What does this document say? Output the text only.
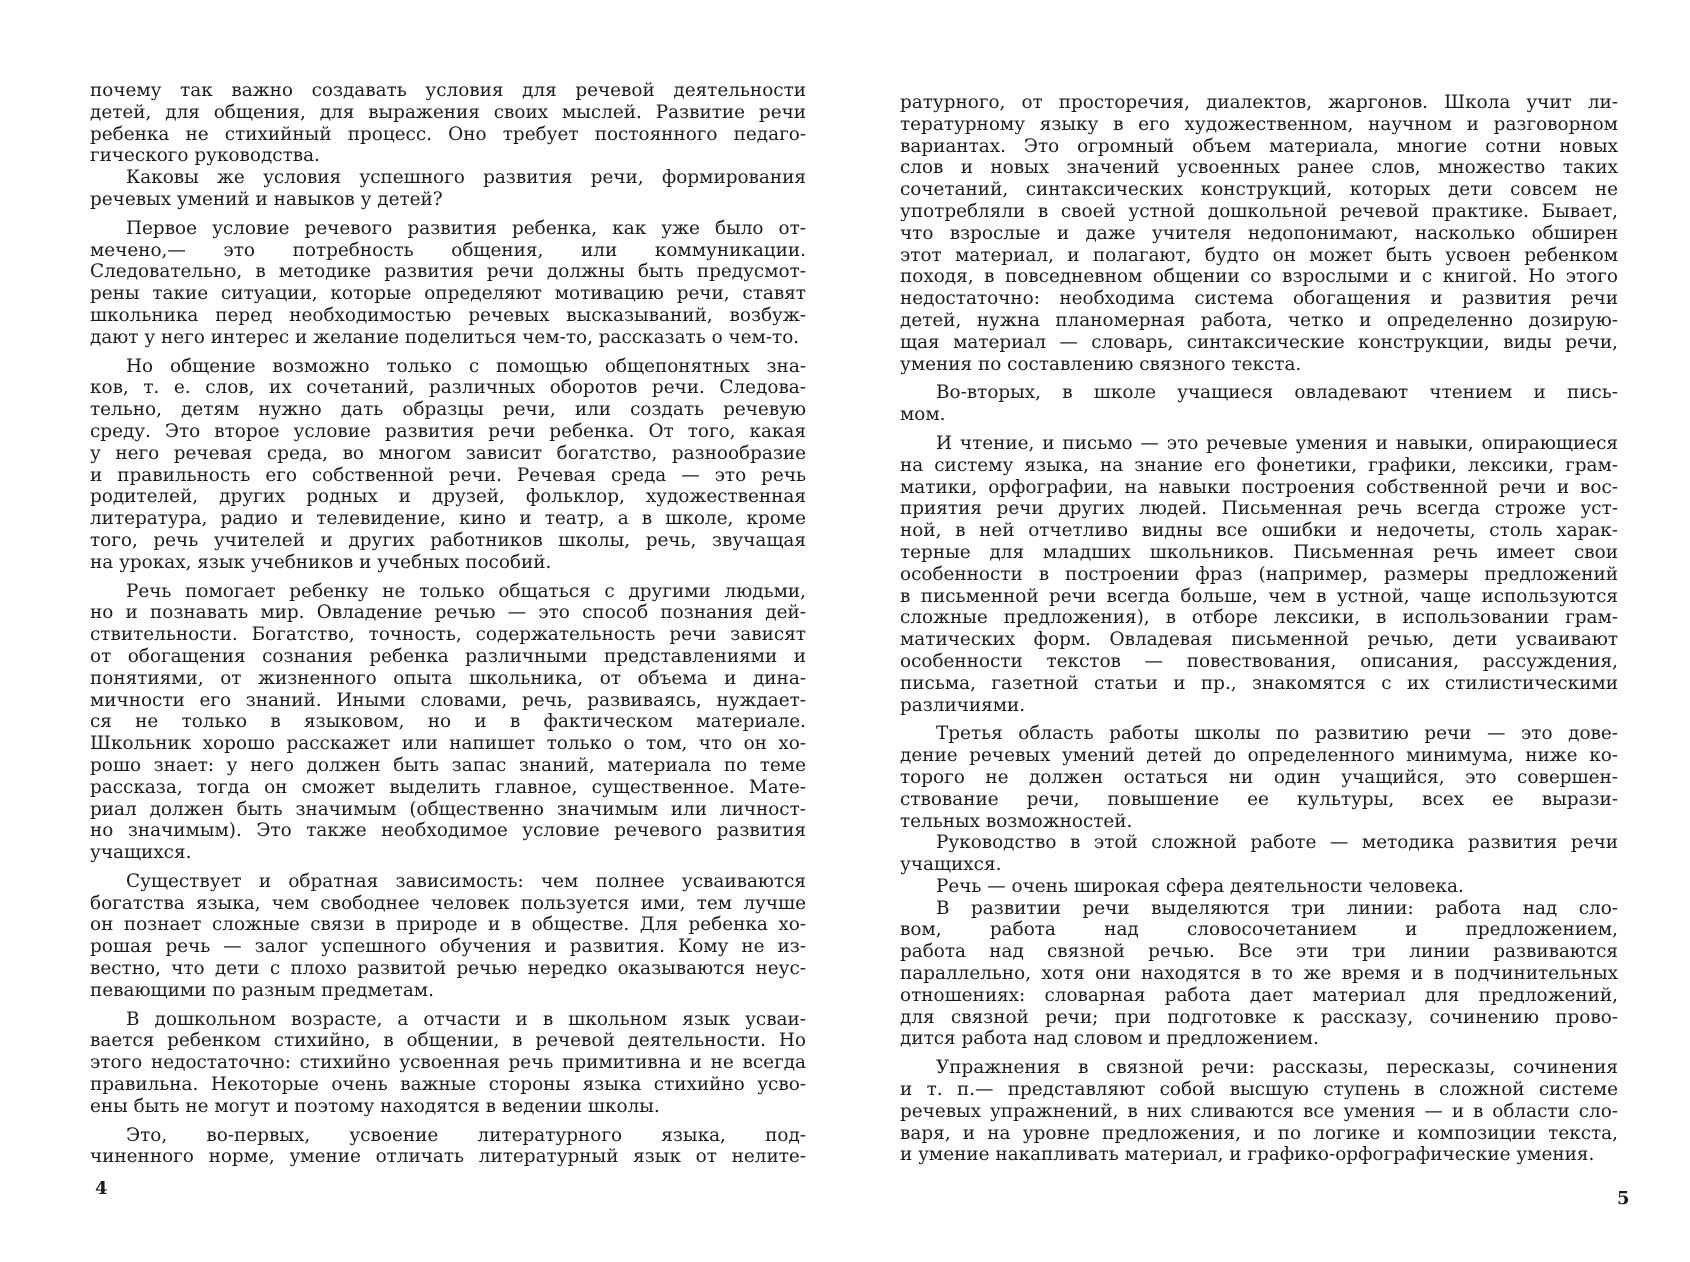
почему так важно создавать условия для речевой деятельности
детей, для общения, для выражения своих мыслей. Развитие речи
ребенка не стихийный процесс. Оно требует постоянного педаго-
гического руководства.
Каковы же условия успешного развития речи, формирования
речевых умений и навыков у детей?
Первое условие речевого развития ребенка, как уже было от-
мечено,— это потребность общения, или коммуникации.
Следовательно, в методике развития речи должны быть предусмот-
рены такие ситуации, которые определяют мотивацию речи, ставят
школьника перед необходимостью речевых высказываний, возбуж-
дают у него интерес и желание поделиться чем-то, рассказать о чем-то.
Но общение возможно только с помощью общепонятных зна-
ков, т. е. слов, их сочетаний, различных оборотов речи. Следова-
тельно, детям нужно дать образцы речи, или создать речевую
среду. Это второе условие развития речи ребенка. От того, какая
у него речевая среда, во многом зависит богатство, разнообразие
и правильность его собственной речи. Речевая среда — это речь
родителей, других родных и друзей, фольклор, художественная
литература, радио и телевидение, кино и театр, а в школе, кроме
того, речь учителей и других работников школы, речь, звучащая
на уроках, язык учебников и учебных пособий.
Речь помогает ребенку не только общаться с другими людьми,
но и познавать мир. Овладение речью — это способ познания дей-
ствительности. Богатство, точность, содержательность речи зависят
от обогащения сознания ребенка различными представлениями и
понятиями, от жизненного опыта школьника, от объема и дина-
мичности его знаний. Иными словами, речь, развиваясь, нуждает-
ся не только в языковом, но и в фактическом материале.
Школьник хорошо расскажет или напишет только о том, что он хо-
рошо знает: у него должен быть запас знаний, материала по теме
рассказа, тогда он сможет выделить главное, существенное. Мате-
риал должен быть значимым (общественно значимым или личност-
но значимым). Это также необходимое условие речевого развития
учащихся.
Существует и обратная зависимость: чем полнее усваиваются
богатства языка, чем свободнее человек пользуется ими, тем лучше
он познает сложные связи в природе и в обществе. Для ребенка хо-
рошая речь — залог успешного обучения и развития. Кому не из-
вестно, что дети с плохо развитой речью нередко оказываются неус-
певающими по разным предметам.
В дошкольном возрасте, а отчасти и в школьном язык усваи-
вается ребенком стихийно, в общении, в речевой деятельности. Но
этого недостаточно: стихийно усвоенная речь примитивна и не всегда
правильна. Некоторые очень важные стороны языка стихийно усво-
ены быть не могут и поэтому находятся в ведении школы.
Это, во-первых, усвоение литературного языка, под-
чиненного норме, умение отличать литературный язык от нелите-
ратурного, от просторечия, диалектов, жаргонов. Школа учит ли-
тературному языку в его художественном, научном и разговорном
вариантах. Это огромный объем материала, многие сотни новых
слов и новых значений усвоенных ранее слов, множество таких
сочетаний, синтаксических конструкций, которых дети совсем не
употребляли в своей устной дошкольной речевой практике. Бывает,
что взрослые и даже учителя недопонимают, насколько обширен
этот материал, и полагают, будто он может быть усвоен ребенком
походя, в повседневном общении со взрослыми и с книгой. Но этого
недостаточно: необходима система обогащения и развития речи
детей, нужна планомерная работа, четко и определенно дозирую-
щая материал — словарь, синтаксические конструкции, виды речи,
умения по составлению связного текста.
Во-вторых, в школе учащиеся овладевают чтением и пись-
мом.
И чтение, и письмо — это речевые умения и навыки, опирающиеся
на систему языка, на знание его фонетики, графики, лексики, грам-
матики, орфографии, на навыки построения собственной речи и вос-
приятия речи других людей. Письменная речь всегда строже уст-
ной, в ней отчетливо видны все ошибки и недочеты, столь харак-
терные для младших школьников. Письменная речь имеет свои
особенности в построении фраз (например, размеры предложений
в письменной речи всегда больше, чем в устной, чаще используются
сложные предложения), в отборе лексики, в использовании грам-
матических форм. Овладевая письменной речью, дети усваивают
особенности текстов — повествования, описания, рассуждения,
письма, газетной статьи и пр., знакомятся с их стилистическими
различиями.
Третья область работы школы по развитию речи — это дове-
дение речевых умений детей до определенного минимума, ниже ко-
торого не должен остаться ни один учащийся, это совершен-
ствование речи, повышение ее культуры, всех ее вырази-
тельных возможностей.
Руководство в этой сложной работе — методика развития речи
учащихся.
Речь — очень широкая сфера деятельности человека.
В развитии речи выделяются три линии: работа над сло-
вом, работа над словосочетанием и предложением,
работа над связной речью. Все эти три линии развиваются
параллельно, хотя они находятся в то же время и в подчинительных
отношениях: словарная работа дает материал для предложений,
для связной речи; при подготовке к рассказу, сочинению прово-
дится работа над словом и предложением.
Упражнения в связной речи: рассказы, пересказы, сочинения
и т. п.— представляют собой высшую ступень в сложной системе
речевых упражнений, в них сливаются все умения — и в области сло-
варя, и на уровне предложения, и по логике и композиции текста,
и умение накапливать материал, и графико-орфографические умения.
4	5
